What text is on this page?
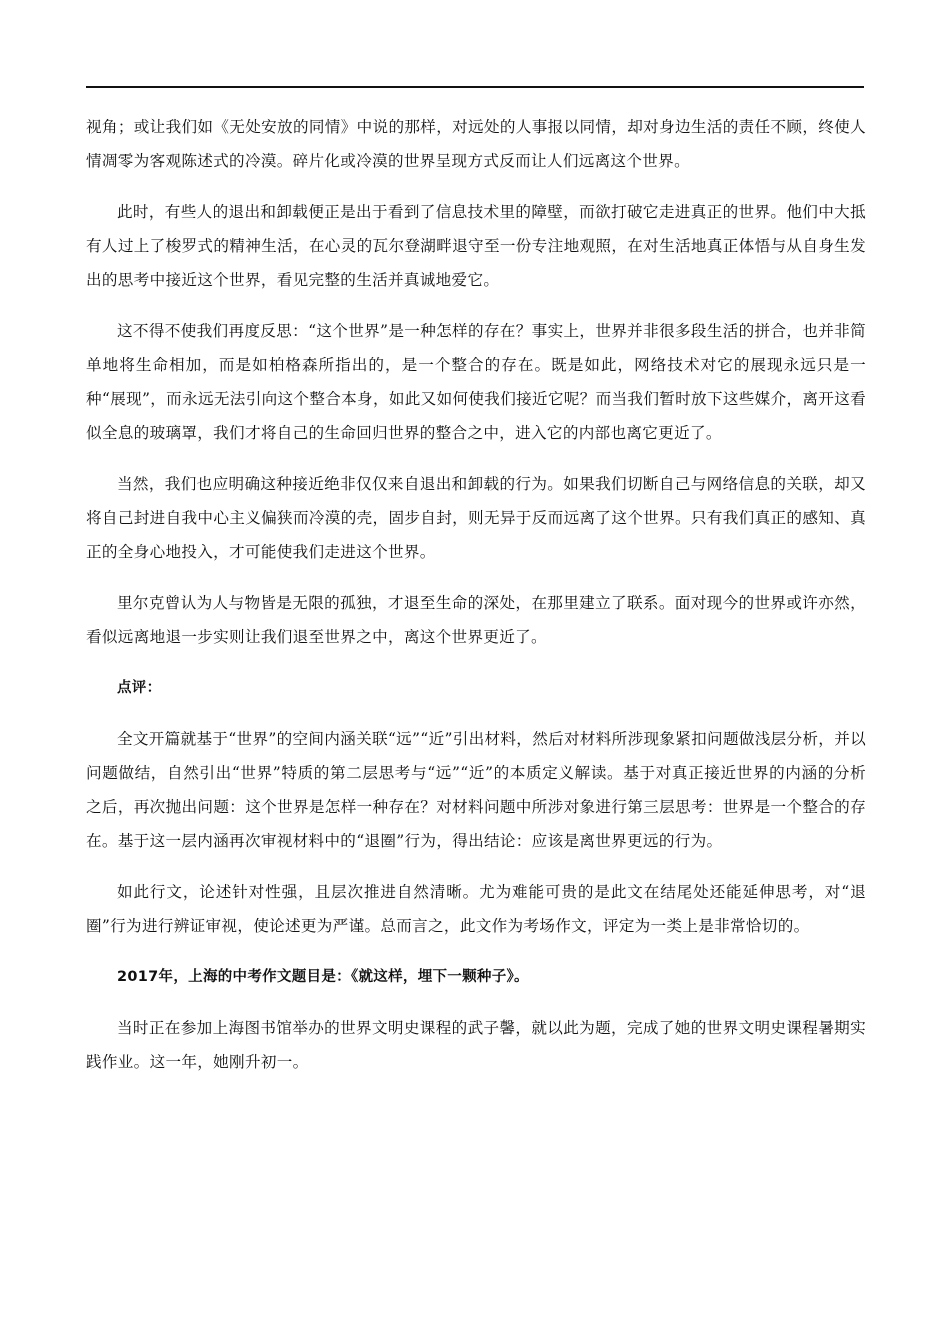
视角；或让我们如《无处安放的同情》中说的那样，对远处的人事报以同情，却对身边生活的责任不顾，终使人情凋零为客观陈述式的冷漠。碎片化或冷漠的世界呈现方式反而让人们远离这个世界。

此时，有些人的退出和卸载便正是出于看到了信息技术里的障壁，而欲打破它走进真正的世界。他们中大抵有人过上了梭罗式的精神生活，在心灵的瓦尔登湖畔退守至一份专注地观照，在对生活地真正体悟与从自身生发出的思考中接近这个世界，看见完整的生活并真诚地爱它。

这不得不使我们再度反思：“这个世界”是一种怎样的存在？事实上，世界并非很多段生活的拼合，也并非简单地将生命相加，而是如柏格森所指出的，是一个整合的存在。既是如此，网络技术对它的展现永远只是一种“展现”，而永远无法引向这个整合本身，如此又如何使我们接近它呢？而当我们暂时放下这些媒介，离开这看似全息的玻璃罩，我们才将自己的生命回归世界的整合之中，进入它的内部也离它更近了。

当然，我们也应明确这种接近绝非仅仅来自退出和卸载的行为。如果我们切断自己与网络信息的关联，却又将自己封进自我中心主义偏狭而冷漠的壳，固步自封，则无异于反而远离了这个世界。只有我们真正的感知、真正的全身心地投入，才可能使我们走进这个世界。

里尔克曾认为人与物皆是无限的孤独，才退至生命的深处，在那里建立了联系。面对现今的世界或许亦然，看似远离地退一步实则让我们退至世界之中，离这个世界更近了。

点评：

全文开篇就基于“世界”的空间内涵关联“远”“近”引出材料，然后对材料所涉现象紧扣问题做浅层分析，并以问题做结，自然引出“世界”特质的第二层思考与“远”“近”的本质定义解读。基于对真正接近世界的内涵的分析之后，再次抛出问题：这个世界是怎样一种存在？对材料问题中所涉对象进行第三层思考：世界是一个整合的存在。基于这一层内涵再次审视材料中的“退圈”行为，得出结论：应该是离世界更远的行为。

如此行文，论述针对性强，且层次推进自然清晰。尤为难能可贵的是此文在结尾处还能延伸思考，对“退圈”行为进行辨证审视，使论述更为严谨。总而言之，此文作为考场作文，评定为一类上是非常恰切的。

2017年，上海的中考作文题目是：《就这样，埋下一颗种子》。

当时正在参加上海图书馆举办的世界文明史课程的武子馨，就以此为题，完成了她的世界文明史课程暑期实践作业。这一年，她刚升初一。
